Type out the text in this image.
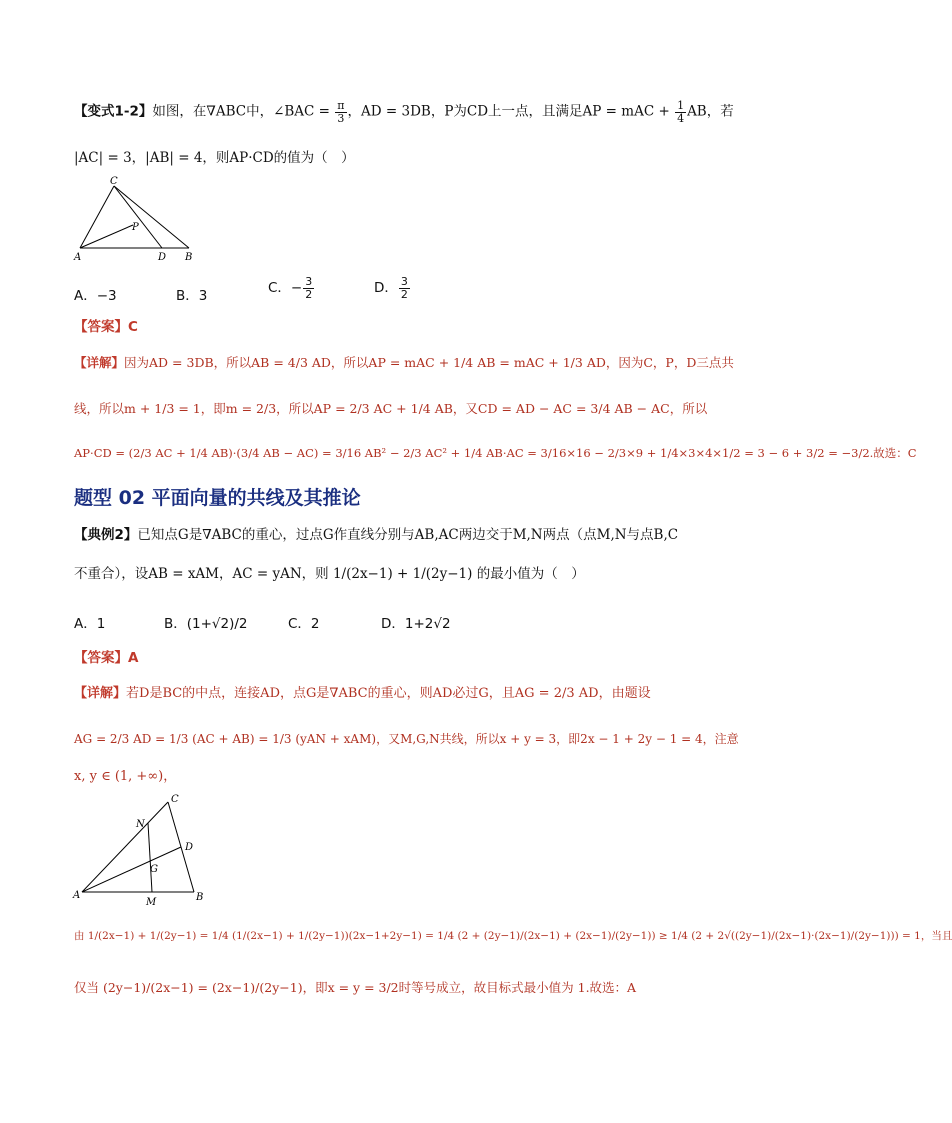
【变式1-2】如图，在∇ABC中，∠BAC = $\frac{\pi}{3}$ ，AD = 3DB，P为CD上一点，且满足AP = mAC + $\frac{1}{4}$ AB，若
|AC| = 3，|AB| = 4，则AP·CD的值为（　）
C
P
A	D B
A．−3	B．3	C．− $\frac{3}{2}$	D． $\frac{3}{2}$
【答案】C
【详解】因为AD = 3DB，所以AB = 4/3 AD，所以AP = mAC + 1/4 AB = mAC + 1/3 AD，因为C，P，D三点共
线，所以m + 1/3 = 1，即m = 2/3，所以AP = 2/3 AC + 1/4 AB，又CD = AD − AC = 3/4 AB − AC，所以
AP·CD = (2/3 AC + 1/4 AB)·(3/4 AB − AC) = 3/16 AB² − 2/3 AC² + 1/4 AB·AC = 3/16×16 − 2/3×9 + 1/4×3×4×1/2 = 3 − 6 + 3/2 = −3/2.故选：C
题型 02 平面向量的共线及其推论
【典例2】已知点G是∇ABC的重心，过点G作直线分别与AB,AC两边交于M,N两点（点M,N与点B,C
不重合），设AB = xAM，AC = yAN，则 1/(2x−1) + 1/(2y−1) 的最小值为（　）
A．1	B．(1+√2)/2	C．2	D．1+2√2
【答案】A
【详解】若D是BC的中点，连接AD，点G是∇ABC的重心，则AD必过G，且AG = 2/3 AD，由题设
AG = 2/3 AD = 1/3 (AC + AB) = 1/3 (yAN + xAM)，又M,G,N共线，所以x + y = 3，即2x − 1 + 2y − 1 = 4，注意
x, y ∈ (1, +∞)，
C
N
D
G
A
M	B
由 1/(2x−1) + 1/(2y−1) = 1/4 (1/(2x−1) + 1/(2y−1))(2x−1+2y−1) = 1/4 (2 + (2y−1)/(2x−1) + (2x−1)/(2y−1)) ≥ 1/4 (2 + 2√((2y−1)/(2x−1)·(2x−1)/(2y−1))) = 1，当且
仅当 (2y−1)/(2x−1) = (2x−1)/(2y−1)，即x = y = 3/2时等号成立，故目标式最小值为 1.故选：A
